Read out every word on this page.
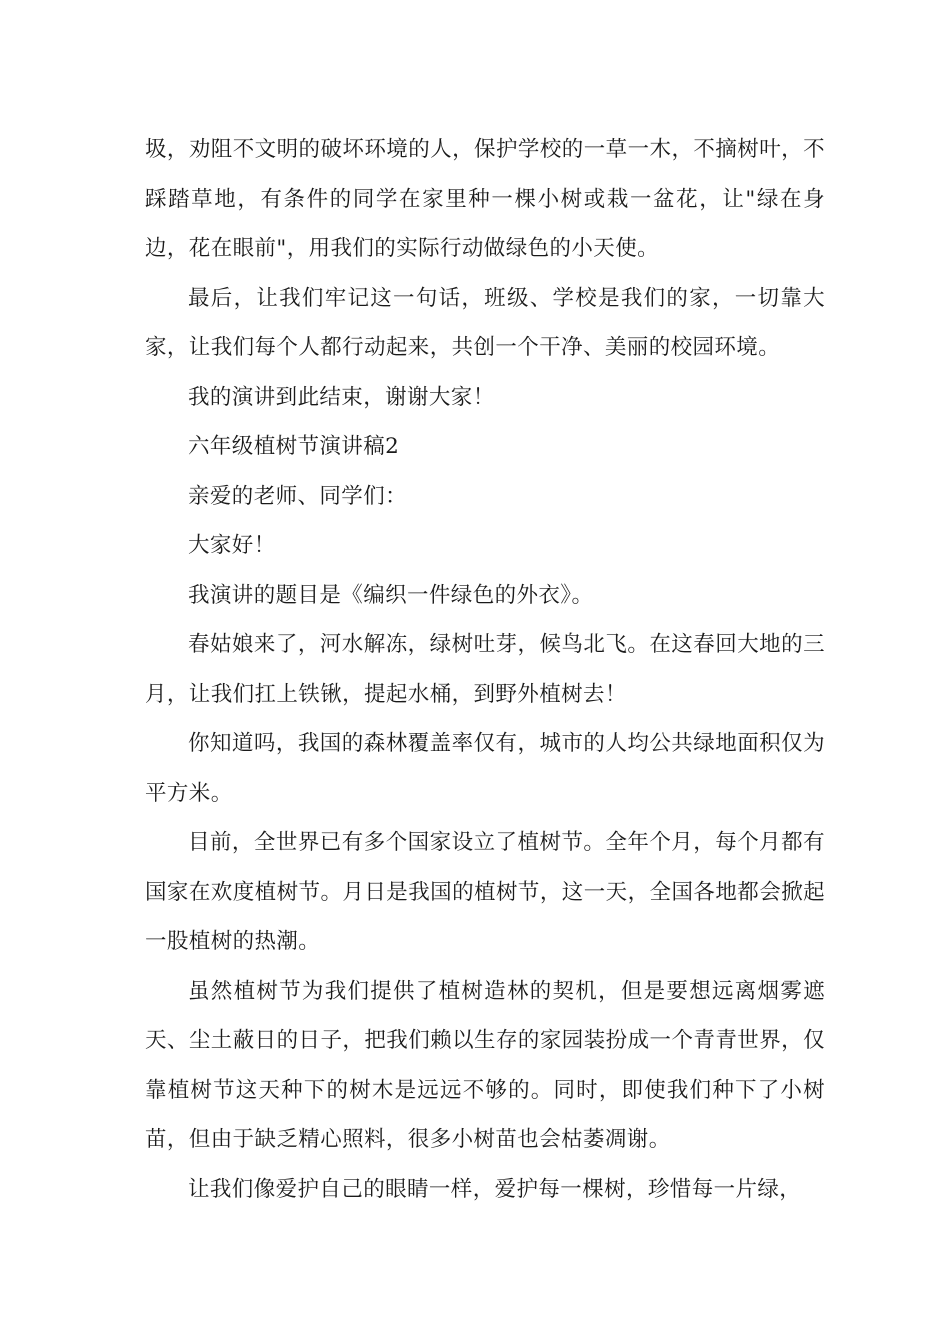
圾，劝阻不文明的破坏环境的人，保护学校的一草一木，不摘树叶，不踩踏草地，有条件的同学在家里种一棵小树或栽一盆花，让"绿在身边，花在眼前"，用我们的实际行动做绿色的小天使。

最后，让我们牢记这一句话，班级、学校是我们的家，一切靠大家，让我们每个人都行动起来，共创一个干净、美丽的校园环境。

我的演讲到此结束，谢谢大家！

六年级植树节演讲稿2

亲爱的老师、同学们：

大家好！

我演讲的题目是《编织一件绿色的外衣》。

春姑娘来了，河水解冻，绿树吐芽，候鸟北飞。在这春回大地的三月，让我们扛上铁锹，提起水桶，到野外植树去！

你知道吗，我国的森林覆盖率仅有，城市的人均公共绿地面积仅为平方米。

目前，全世界已有多个国家设立了植树节。全年个月，每个月都有国家在欢度植树节。月日是我国的植树节，这一天，全国各地都会掀起一股植树的热潮。

虽然植树节为我们提供了植树造林的契机，但是要想远离烟雾遮天、尘土蔽日的日子，把我们赖以生存的家园装扮成一个青青世界，仅靠植树节这天种下的树木是远远不够的。同时，即使我们种下了小树苗，但由于缺乏精心照料，很多小树苗也会枯萎凋谢。

让我们像爱护自己的眼睛一样，爱护每一棵树，珍惜每一片绿，
